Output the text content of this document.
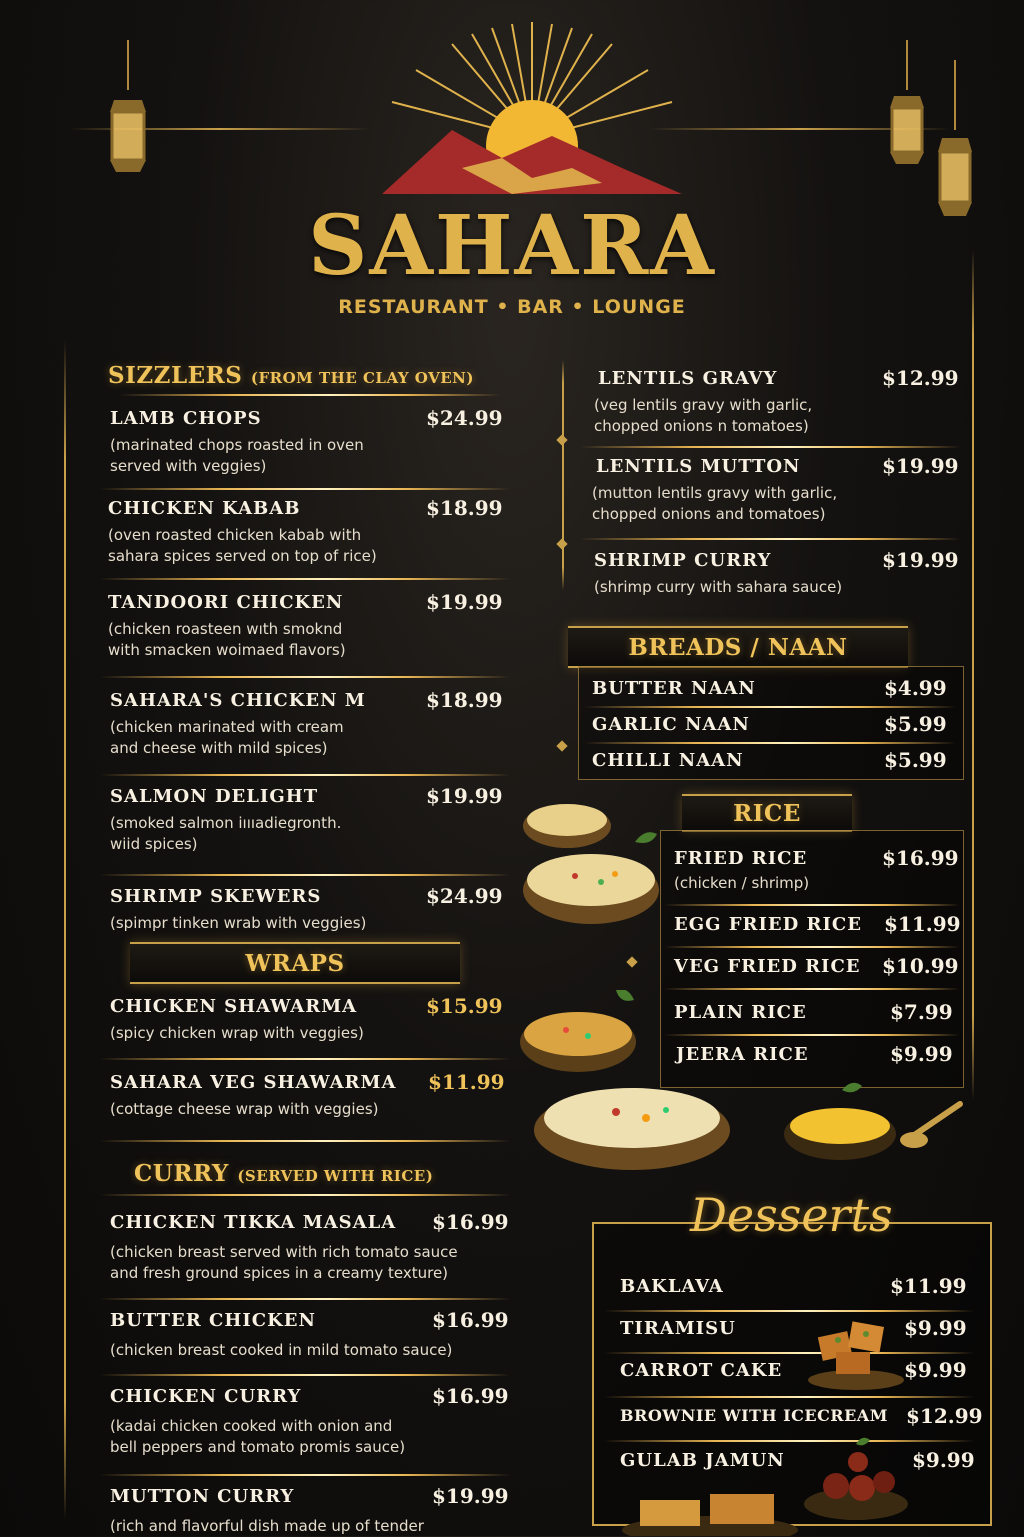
SAHARA
RESTAURANT • BAR • LOUNGE
SIZZLERS (FROM THE CLAY OVEN)
LAMB CHOPS	$24.99
(marinated chops roasted in oven
served with veggies)
CHICKEN KABAB	$18.99
(oven roasted chicken kabab with
sahara spices served on top of rice)
TANDOORI CHICKEN	$19.99
(chicken roasteen wıth smoknd
with smacken woimaed flavors)
SAHARA'S CHICKEN M	$18.99
(chicken marinated with cream
and cheese with mild spices)
SALMON DELIGHT	$19.99
(smoked salmon iıııadiegronth.
wiid spices)
SHRIMP SKEWERS	$24.99
(spimpr tinken wrab with veggies)
WRAPS
CHICKEN SHAWARMA	$15.99
(spicy chicken wrap with veggies)
SAHARA VEG SHAWARMA $11.99
(cottage cheese wrap with veggies)
CURRY (SERVED WITH RICE)
CHICKEN TIKKA MASALA $16.99
(chicken breast served with rich tomato sauce
and fresh ground spices in a creamy texture)
BUTTER CHICKEN	$16.99
(chicken breast cooked in mild tomato sauce)
CHICKEN CURRY	$16.99
(kadai chicken cooked with onion and
bell peppers and tomato promis sauce)
MUTTON CURRY	$19.99
(rich and flavorful dish made up of tender
LENTILS GRAVY	$12.99
(veg lentils gravy with garlic,
chopped onions n tomatoes)
LENTILS MUTTON	$19.99
(mutton lentils gravy with garlic,
chopped onions and tomatoes)
SHRIMP CURRY	$19.99
(shrimp curry with sahara sauce)
BREADS / NAAN
BUTTER NAAN	$4.99
GARLIC NAAN	$5.99
CHILLI NAAN	$5.99
RICE
FRIED RICE	$16.99
(chicken / shrimp)
EGG FRIED RICE $11.99
VEG FRIED RICE $10.99
PLAIN RICE	$7.99
JEERA RICE	$9.99
Desserts
BAKLAVA	$11.99
TIRAMISU	$9.99
CARROT CAKE	$9.99
BROWNIE WITH ICECREAM $12.99
GULAB JAMUN	$9.99
